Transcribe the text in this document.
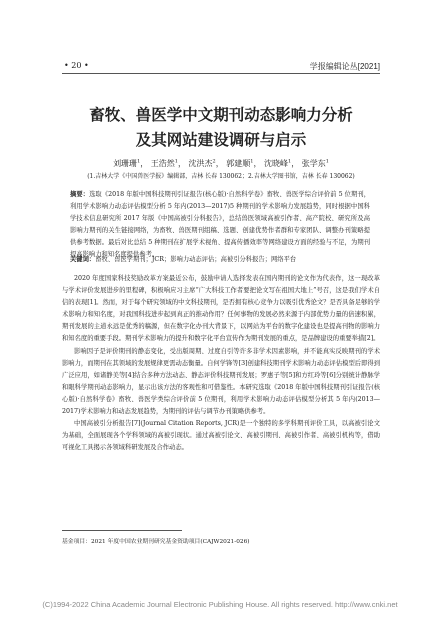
• 20 •	学报编辑论丛[2021]
畜牧、兽医学中文期刊动态影响力分析
及其网站建设调研与启示
刘珊珊$^1$， 王浩然$^1$， 沈洪杰$^2$， 郭建顺$^1$， 沈晓峰$^1$， 张学东$^1$
(1.吉林大学《中国兽医学报》编辑部，吉林 长春 130062；2.吉林大学图书馆，吉林 长春 130062)
摘要：选取《2018 年版中国科技期刊引证报告(核心版)·自然科学卷》畜牧、兽医学综合评价前 5 位期刊，利用学术影响力动态评估模型分析 5 年内(2013—2017)5 种期刊的学术影响力发展趋势，同时根据中国科学技术信息研究所 2017 年版《中国高被引分科报告》，总结兽医领域高被引作者、高产院校、研究所及高影响力期刊的关生链接网络，为畜牧、兽医期刊组稿、选题、创建优势作者群和专家团队、调整办刊策略提供参考数据。最后对比总结 5 种期刊在扩展学术视角、提高传播效率等网络建设方面的经验与不足，为期刊提高影响力和知名度提供参考。
关键词：畜牧、兽医学期刊；JCR；影响力动态评估；高被引分科报告；网络平台

2020 年度国家科技奖励改革方案最近公布，鼓励申请人选择发表在国内期刊的论文作为代表作，这一现改革与学术评价发展进步的里程碑，积极响应习主席“广大科技工作者要把论文写在祖国大地上”号召，这是我们学术自信的表现[1]。然而，对于每个研究领域的中文科技期刊，是否拥有核心竞争力以吸引优秀论文？是否具备足够的学术影响力和知名度，对我国科技进步起到真正的推动作用？任何事物的发展必然来源于内部优势力量的倍速积累，期刊发展的主道永远是优秀的稿源，但在数字化办刊大背景下，以网站为平台的数字化建设也是提高刊物的影响力和知名度的重要手段。期刊学术影响力的提升和数字化平台宣传作为期刊发展的重点，是品牌建设的重要举措[2]。

影响因子是评价期刊的静态变化，受出版周期、过度自引等许多非学术因素影响，并不能真实反映期刊的学术影响力，而期刊在其领域的发展规律更需动态衡量。自何学锋等[3]创建科技期刊学术影响力动态评估模型后即得到广泛应用，如诸静美等[4]结合多种方法动态、静态评价科技期刊发展；罗惠子等[5]和方红玲等[6]分别统计静脉学和眼科学期刊动态影响力，显示出该方法的客观性和可借鉴性。本研究选取《2018 年版中国科技期刊引证报告(核心版)·自然科学卷》畜牧、兽医学类综合评价前 5 位期刊，利用学术影响力动态评估模型分析其 5 年内(2013—2017)学术影响力和动态发展趋势，为期刊的评估与调节办刊策略供参考。

中国高被引分析报告[7](Journal Citation Reports, JCR)是一个独特的多学科期刊评价工具，以高被引论文为基础，全面展现各个学科领域的高被引现状。通过高被引论文、高被引期刊、高被引作者、高被引机构等，借助可视化工具揭示各领域科研发展及合作动态。

基金项目：2021 年度中国农业期刊研究基金资助项目(CAJW2021-026)
(C)1994-2022 China Academic Journal Electronic Publishing House. All rights reserved. http://www.cnki.net
